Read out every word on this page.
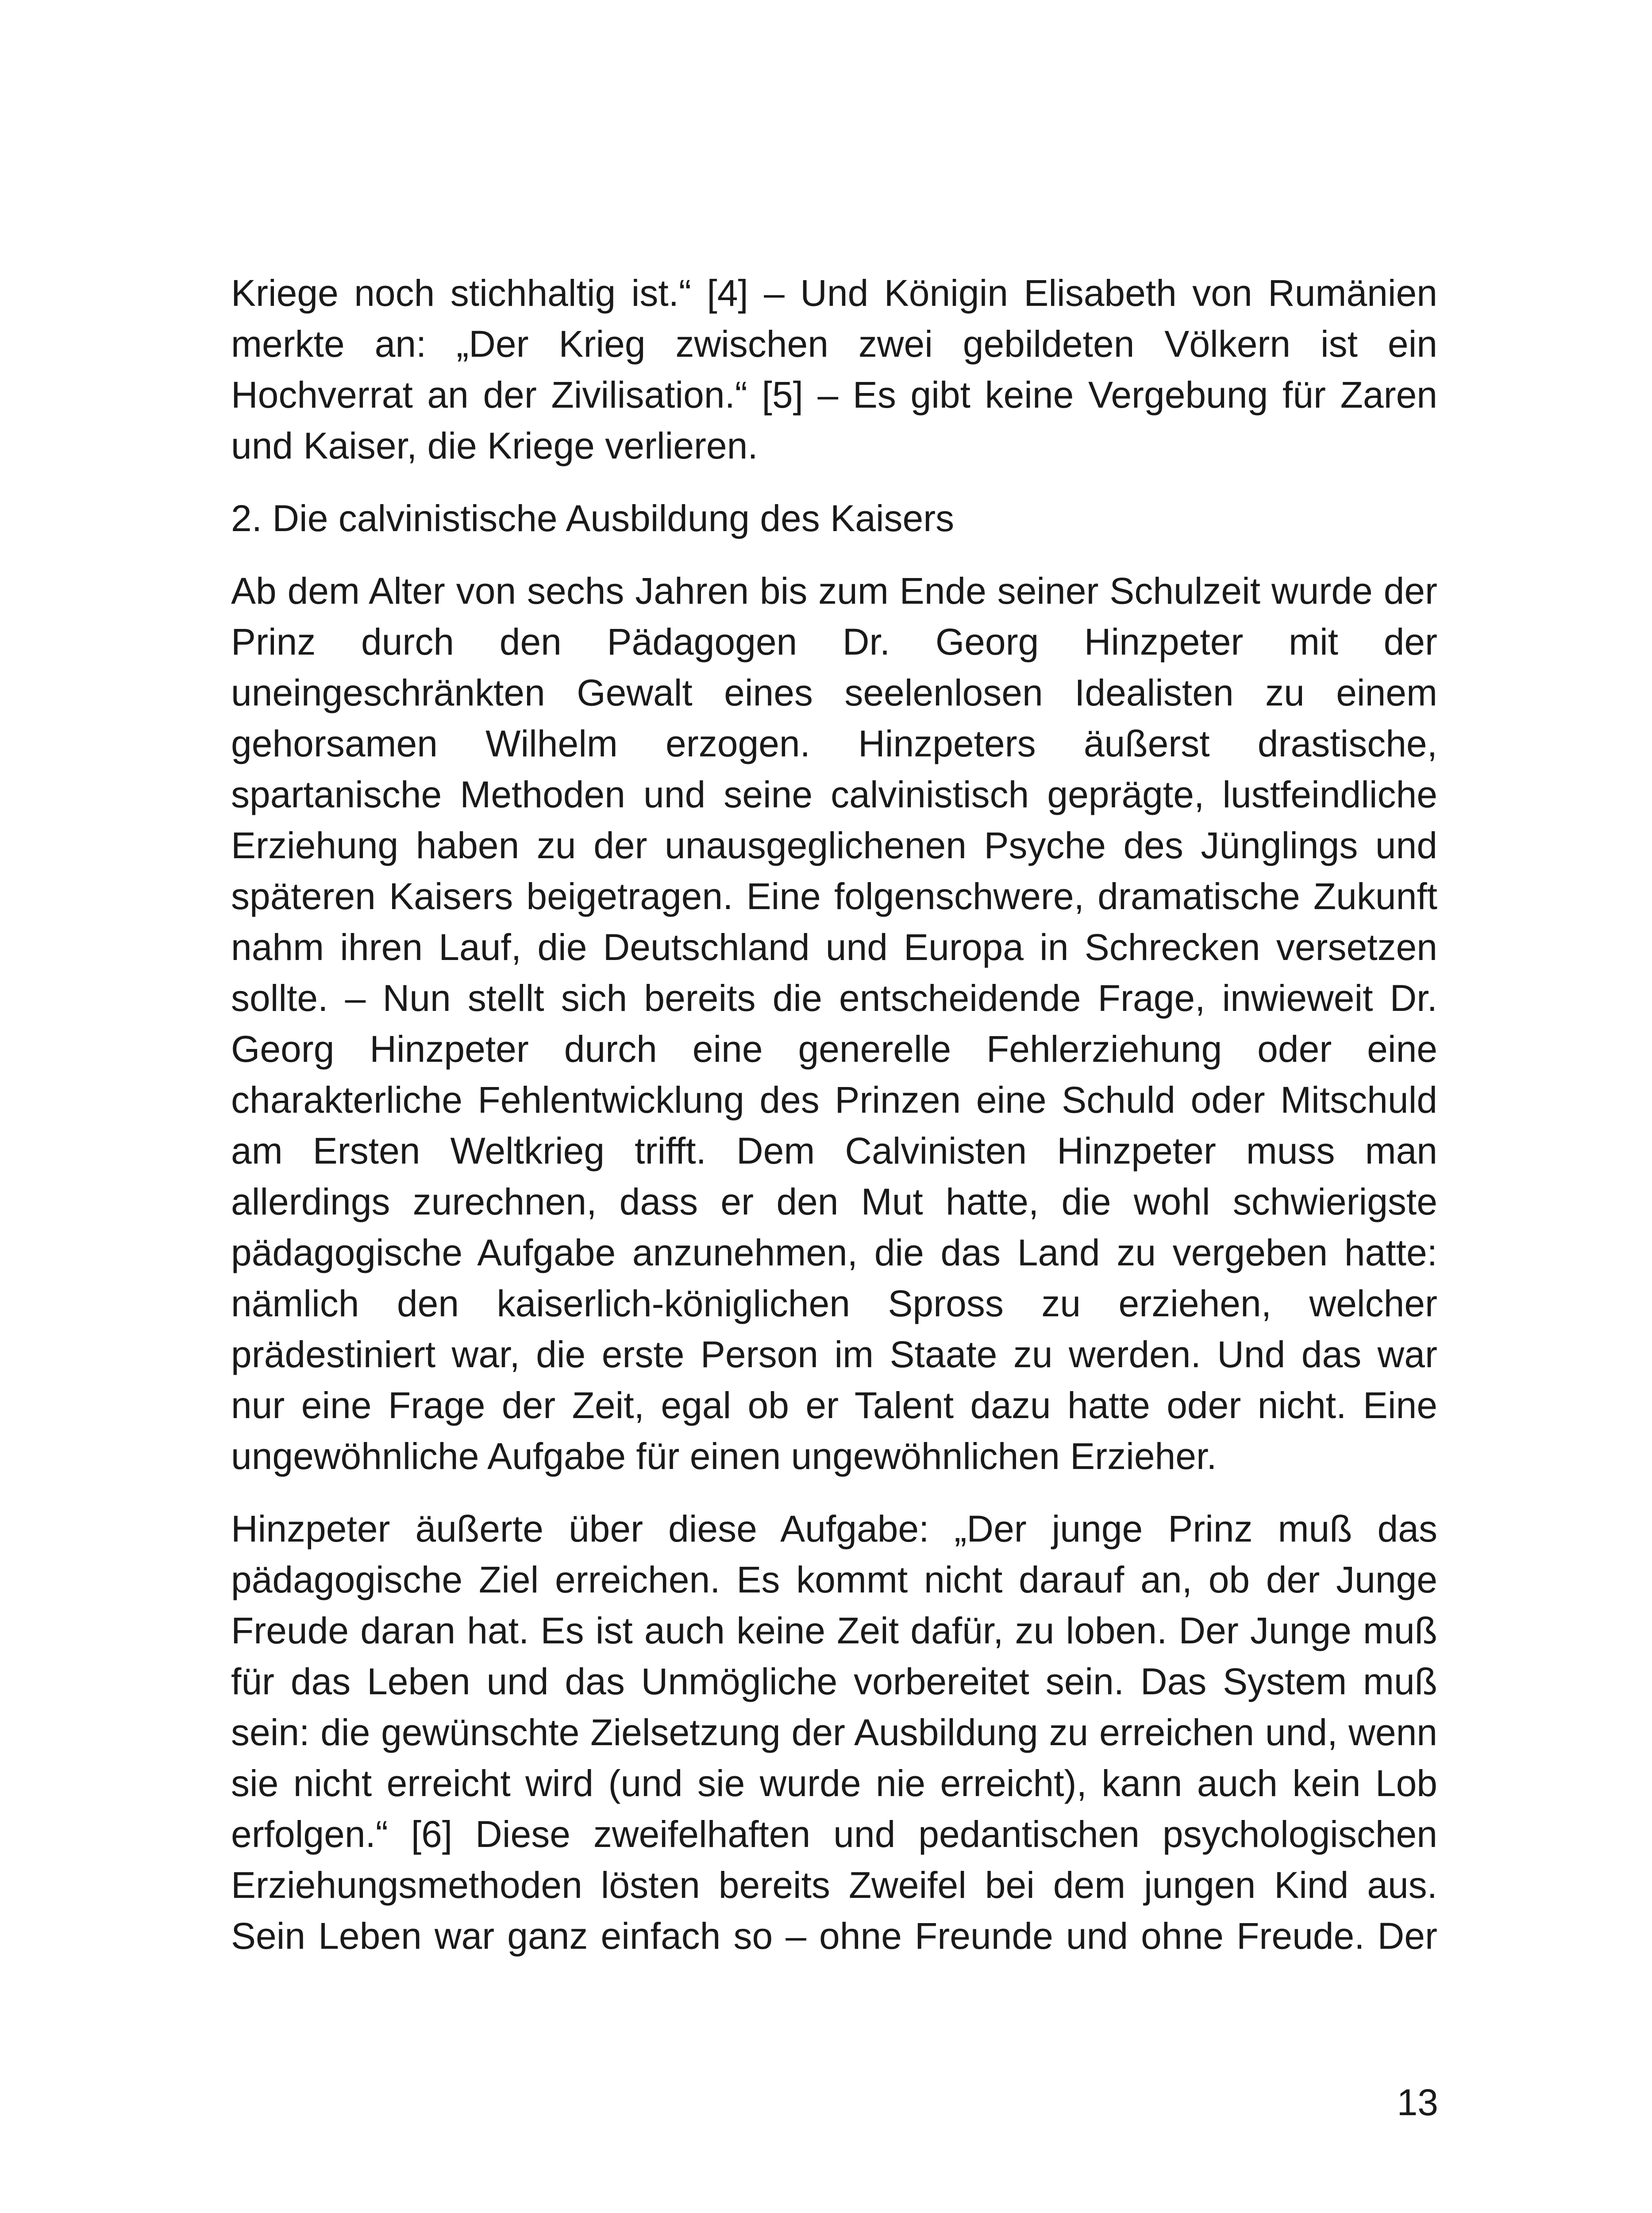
Kriege noch stichhaltig ist.“ [4] – Und Königin Elisabeth von Rumänien
merkte an: „Der Krieg zwischen zwei gebildeten Völkern ist ein
Hochverrat an der Zivilisation.“ [5] – Es gibt keine Vergebung für Zaren
und Kaiser, die Kriege verlieren.
2. Die calvinistische Ausbildung des Kaisers
Ab dem Alter von sechs Jahren bis zum Ende seiner Schulzeit wurde der
Prinz durch den Pädagogen Dr. Georg Hinzpeter mit der
uneingeschränkten Gewalt eines seelenlosen Idealisten zu einem
gehorsamen Wilhelm erzogen. Hinzpeters äußerst drastische,
spartanische Methoden und seine calvinistisch geprägte, lustfeindliche
Erziehung haben zu der unausgeglichenen Psyche des Jünglings und
späteren Kaisers beigetragen. Eine folgenschwere, dramatische Zukunft
nahm ihren Lauf, die Deutschland und Europa in Schrecken versetzen
sollte. – Nun stellt sich bereits die entscheidende Frage, inwieweit Dr.
Georg Hinzpeter durch eine generelle Fehlerziehung oder eine
charakterliche Fehlentwicklung des Prinzen eine Schuld oder Mitschuld
am Ersten Weltkrieg trifft. Dem Calvinisten Hinzpeter muss man
allerdings zurechnen, dass er den Mut hatte, die wohl schwierigste
pädagogische Aufgabe anzunehmen, die das Land zu vergeben hatte:
nämlich den kaiserlich-königlichen Spross zu erziehen, welcher
prädestiniert war, die erste Person im Staate zu werden. Und das war
nur eine Frage der Zeit, egal ob er Talent dazu hatte oder nicht. Eine
ungewöhnliche Aufgabe für einen ungewöhnlichen Erzieher.
Hinzpeter äußerte über diese Aufgabe: „Der junge Prinz muß das
pädagogische Ziel erreichen. Es kommt nicht darauf an, ob der Junge
Freude daran hat. Es ist auch keine Zeit dafür, zu loben. Der Junge muß
für das Leben und das Unmögliche vorbereitet sein. Das System muß
sein: die gewünschte Zielsetzung der Ausbildung zu erreichen und, wenn
sie nicht erreicht wird (und sie wurde nie erreicht), kann auch kein Lob
erfolgen.“ [6] Diese zweifelhaften und pedantischen psychologischen
Erziehungsmethoden lösten bereits Zweifel bei dem jungen Kind aus.
Sein Leben war ganz einfach so – ohne Freunde und ohne Freude. Der
13
